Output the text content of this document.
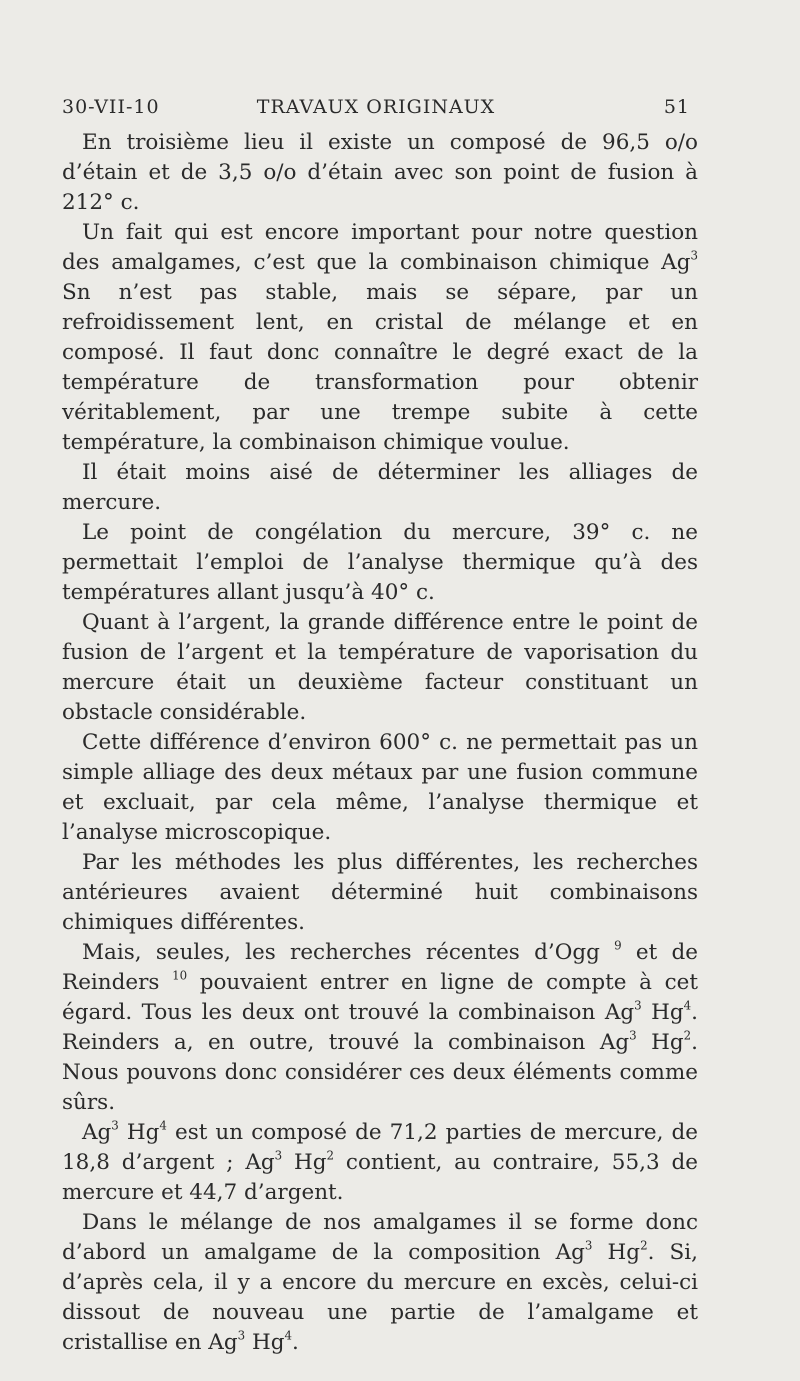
30-VII-10	TRAVAUX ORIGINAUX	51

En troisième lieu il existe un composé de 96,5 o/o d’étain et de 3,5 o/o d’étain avec son point de fusion à 212° c.

Un fait qui est encore important pour notre question des amalgames, c’est que la combinaison chimique Ag$^3$ Sn n’est pas stable, mais se sépare, par un refroidissement lent, en cristal de mélange et en composé. Il faut donc connaître le degré exact de la température de transformation pour obtenir véritablement, par une trempe subite à cette température, la combinaison chimique voulue.

Il était moins aisé de déterminer les alliages de mercure.

Le point de congélation du mercure, 39° c. ne permettait l’emploi de l’analyse thermique qu’à des températures allant jusqu’à 40° c.

Quant à l’argent, la grande différence entre le point de fusion de l’argent et la température de vaporisation du mercure était un deuxième facteur constituant un obstacle considérable.

Cette différence d’environ 600° c. ne permettait pas un simple alliage des deux métaux par une fusion commune et excluait, par cela même, l’analyse thermique et l’analyse microscopique.

Par les méthodes les plus différentes, les recherches antérieures avaient déterminé huit combinaisons chimiques différentes.

Mais, seules, les recherches récentes d’Ogg $^9$ et de Reinders $^{10}$ pouvaient entrer en ligne de compte à cet égard. Tous les deux ont trouvé la combinaison Ag$^3$ Hg$^4$. Reinders a, en outre, trouvé la combinaison Ag$^3$ Hg$^2$. Nous pouvons donc considérer ces deux éléments comme sûrs.

Ag$^3$ Hg$^4$ est un composé de 71,2 parties de mercure, de 18,8 d’argent ; Ag$^3$ Hg$^2$ contient, au contraire, 55,3 de mercure et 44,7 d’argent.

Dans le mélange de nos amalgames il se forme donc d’abord un amalgame de la composition Ag$^3$ Hg$^2$. Si, d’après cela, il y a encore du mercure en excès, celui-ci dissout de nouveau une partie de l’amalgame et cristallise en Ag$^3$ Hg$^4$.
